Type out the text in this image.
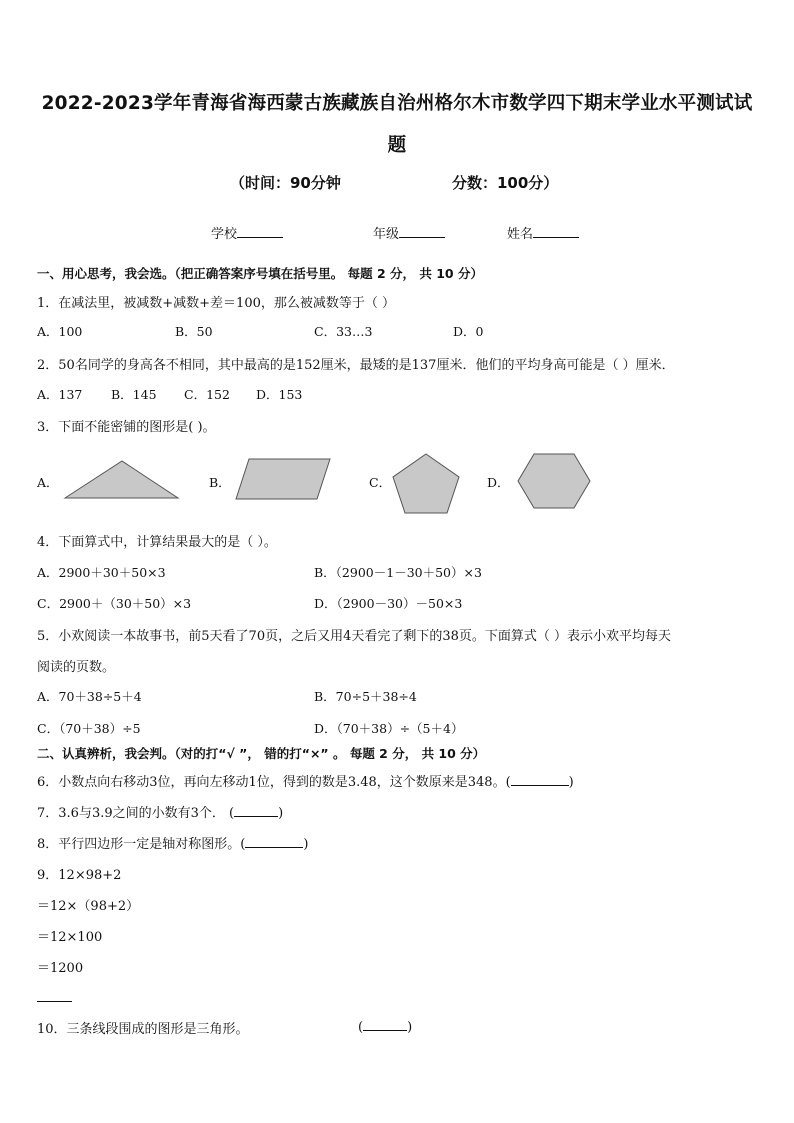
2022-2023学年青海省海西蒙古族藏族自治州格尔木市数学四下期末学业水平测试试
题
（时间：90分钟	分数：100分）
学校	年级	姓名
一、用心思考，我会选。（把正确答案序号填在括号里。 每题 2 分， 共 10 分）
1．在减法里，被减数+减数+差＝100，那么被减数等于（ ）
A．100	B．50	C．33…3	D．0
2．50名同学的身高各不相同，其中最高的是152厘米，最矮的是137厘米．他们的平均身高可能是（ ）厘米．
A．137 B．145 C．152 D．153
3．下面不能密铺的图形是( )。
A．	B．	C．	D．
4．下面算式中，计算结果最大的是（ ）。
A．2900＋30＋50×3	B．（2900－1－30＋50）×3
C．2900＋（30＋50）×3	D．（2900－30）－50×3
5．小欢阅读一本故事书，前5天看了70页，之后又用4天看完了剩下的38页。下面算式（ ）表示小欢平均每天
阅读的页数。
A．70＋38÷5＋4	B．70÷5＋38÷4
C．（70＋38）÷5	D．（70＋38）÷（5＋4）
二、认真辨析，我会判。（对的打“√ ”， 错的打“×” 。 每题 2 分， 共 10 分）
6．小数点向右移动3位，再向左移动1位，得到的数是3.48，这个数原来是348。(	)
7．3.6与3.9之间的小数有3个． (	)
8．平行四边形一定是轴对称图形。(	)
9．12×98+2
＝12×（98+2）
＝12×100
＝1200
10．三条线段围成的图形是三角形。	(	)
